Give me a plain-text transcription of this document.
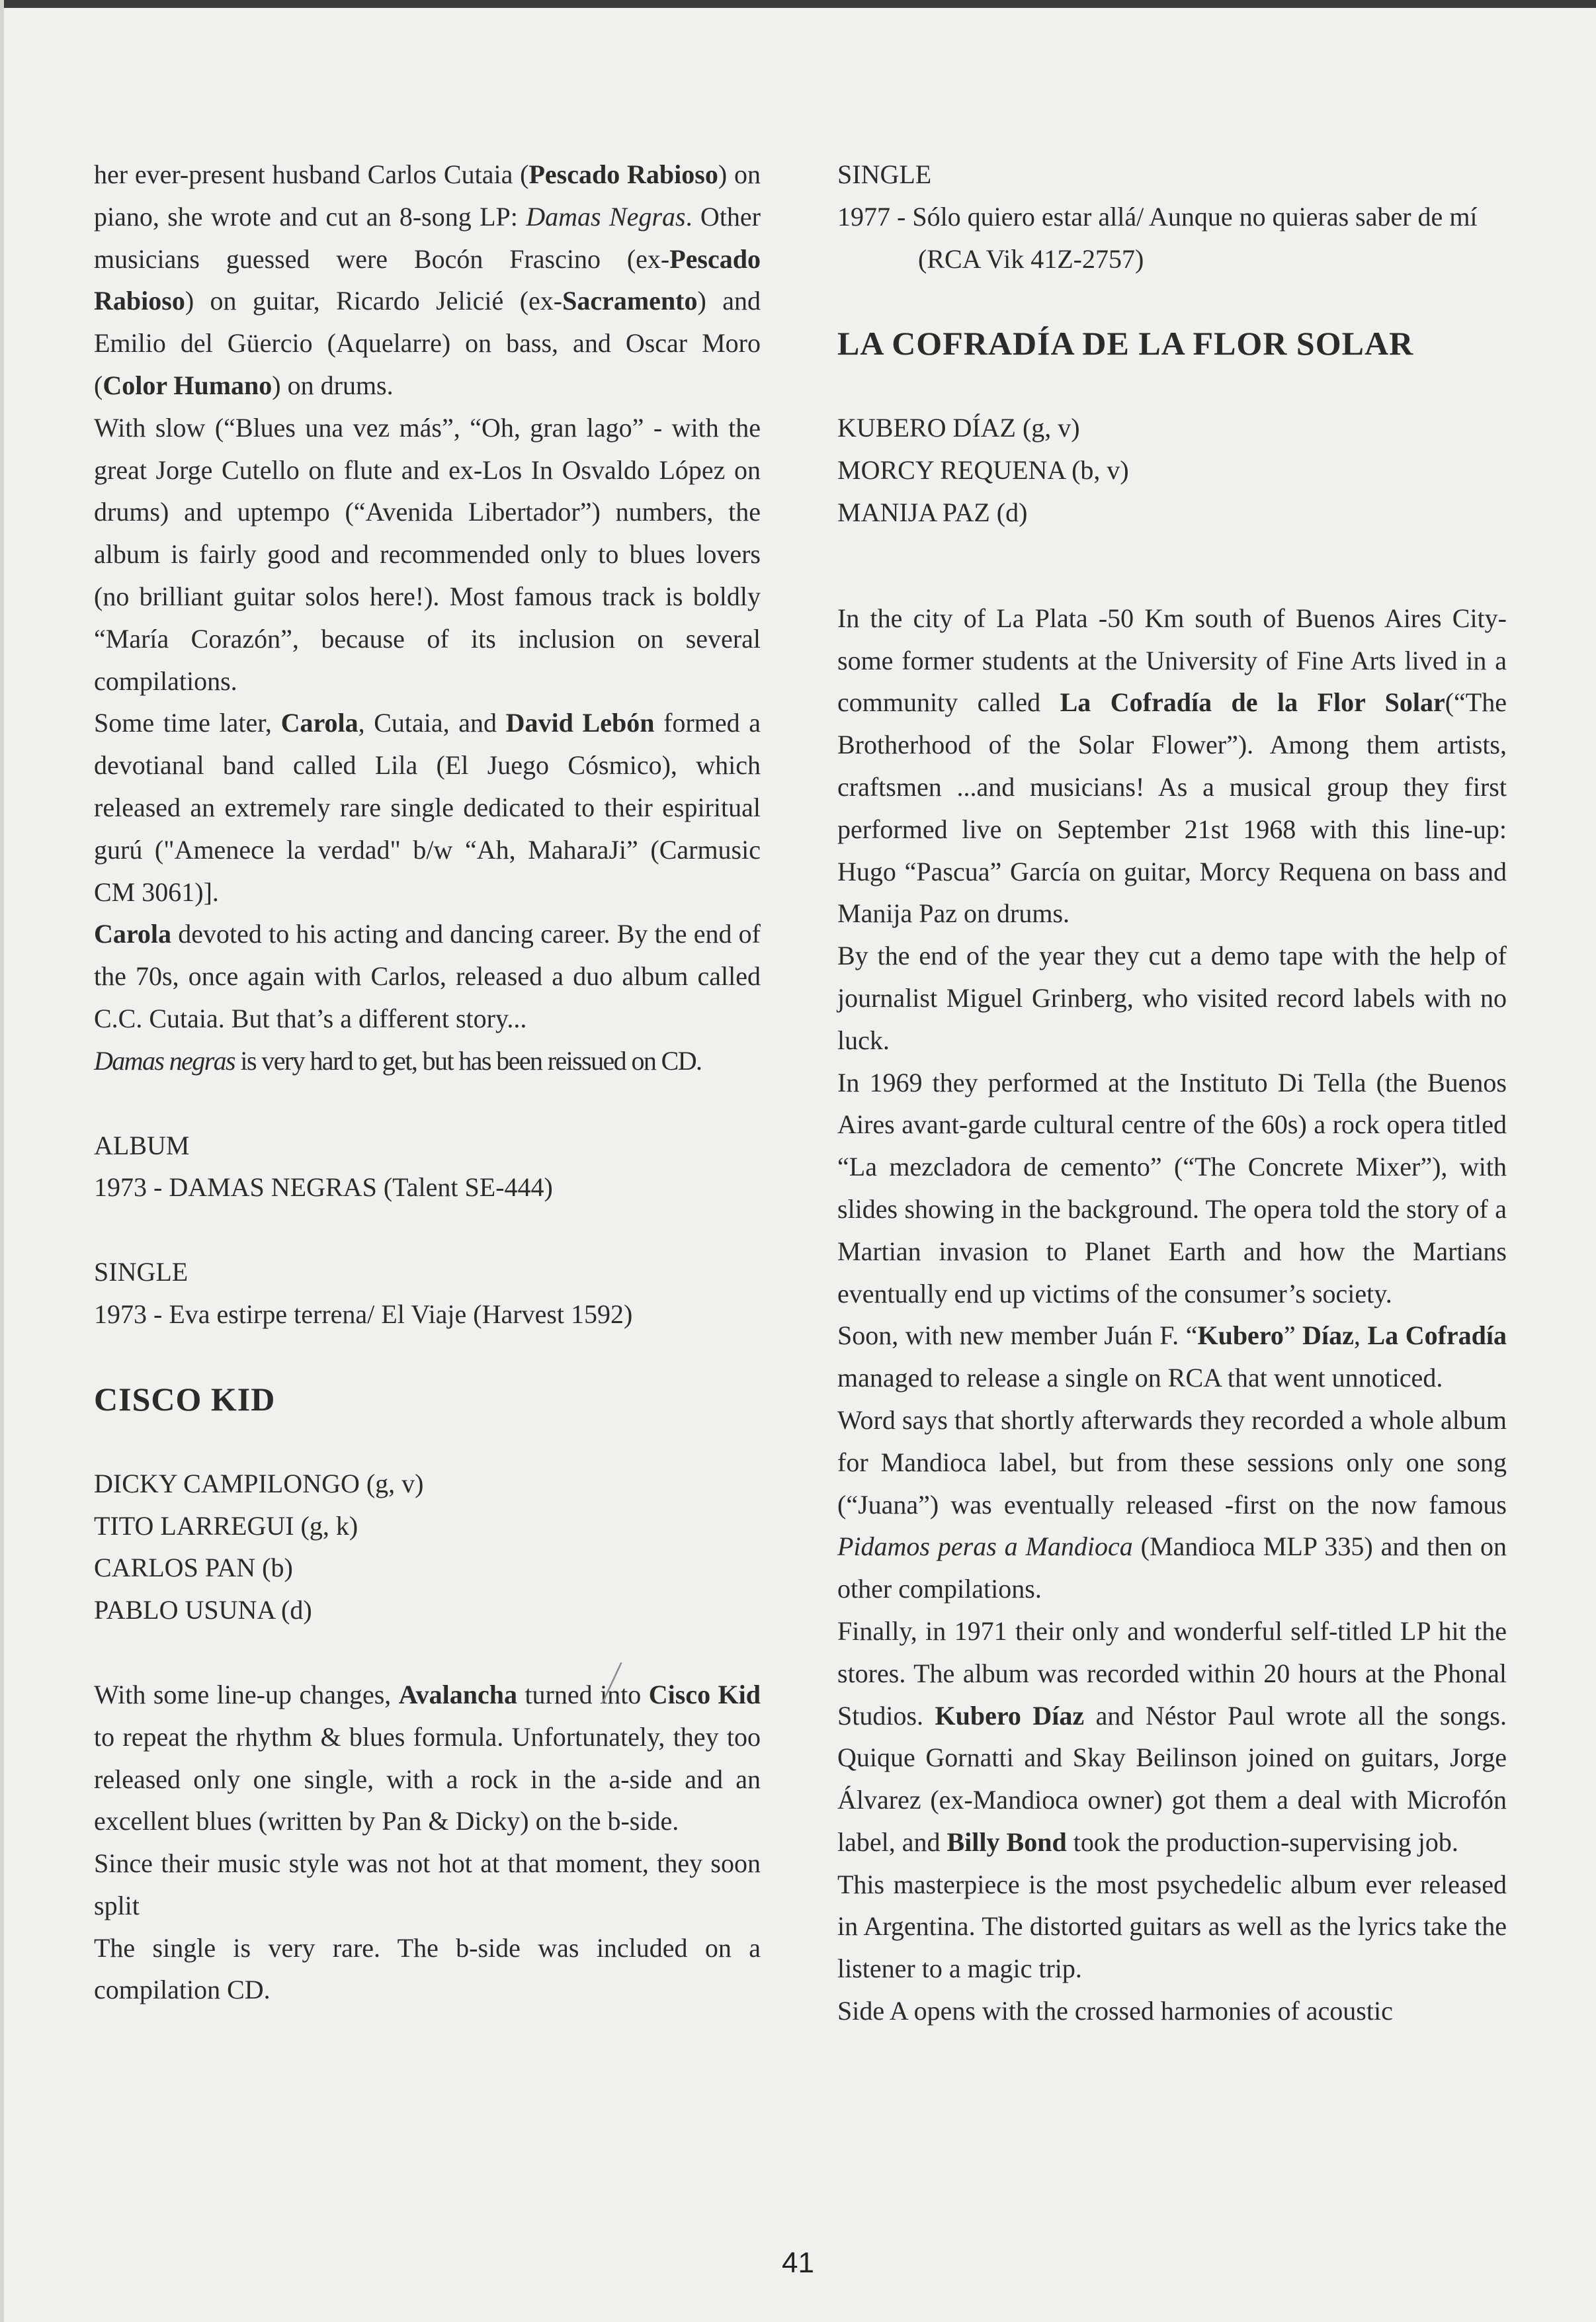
her ever-present husband Carlos Cutaia (Pescado Rabioso) on piano, she wrote and cut an 8-song LP: Damas Negras. Other musicians guessed were Bocón Frascino (ex-Pescado Rabioso) on guitar, Ricardo Jelicié (ex-Sacramento) and Emilio del Güercio (Aquelarre) on bass, and Oscar Moro (Color Humano) on drums.

With slow (“Blues una vez más”, “Oh, gran lago” - with the great Jorge Cutello on flute and ex-Los In Osvaldo López on drums) and uptempo (“Avenida Libertador”) numbers, the album is fairly good and recommended only to blues lovers (no brilliant guitar solos here!). Most famous track is boldly “María Corazón”, because of its inclusion on several compilations.

Some time later, Carola, Cutaia, and David Lebón formed a devotianal band called Lila (El Juego Cósmico), which released an extremely rare single dedicated to their espiritual gurú ("Amenece la verdad" b/w “Ah, MaharaJi” (Carmusic CM 3061)].

Carola devoted to his acting and dancing career. By the end of the 70s, once again with Carlos, released a duo album called C.C. Cutaia. But that’s a different story...

Damas negras is very hard to get, but has been reissued on CD.

ALBUM

1973 - DAMAS NEGRAS (Talent SE-444)

SINGLE

1973 - Eva estirpe terrena/ El Viaje (Harvest 1592)

CISCO KID

DICKY CAMPILONGO (g, v)

TITO LARREGUI (g, k)

CARLOS PAN (b)

PABLO USUNA (d)

With some line-up changes, Avalancha turned into Cisco Kid to repeat the rhythm & blues formula. Unfortunately, they too released only one single, with a rock in the a-side and an excellent blues (written by Pan & Dicky) on the b-side.

Since their music style was not hot at that moment, they soon split

The single is very rare. The b-side was included on a compilation CD.

SINGLE

1977 - Sólo quiero estar allá/ Aunque no quieras saber de mí (RCA Vik 41Z-2757)

LA COFRADÍA DE LA FLOR SOLAR

KUBERO DÍAZ (g, v)

MORCY REQUENA (b, v)

MANIJA PAZ (d)

In the city of La Plata -50 Km south of Buenos Aires City- some former students at the University of Fine Arts lived in a community called La Cofradía de la Flor Solar(“The Brotherhood of the Solar Flower”). Among them artists, craftsmen ...and musicians! As a musical group they first performed live on September 21st 1968 with this line-up: Hugo “Pascua” García on guitar, Morcy Requena on bass and Manija Paz on drums.

By the end of the year they cut a demo tape with the help of journalist Miguel Grinberg, who visited record labels with no luck.

In 1969 they performed at the Instituto Di Tella (the Buenos Aires avant-garde cultural centre of the 60s) a rock opera titled “La mezcladora de cemento” (“The Concrete Mixer”), with slides showing in the background. The opera told the story of a Martian invasion to Planet Earth and how the Martians eventually end up victims of the consumer’s society.

Soon, with new member Juán F. “Kubero” Díaz, La Cofradía managed to release a single on RCA that went unnoticed.

Word says that shortly afterwards they recorded a whole album for Mandioca label, but from these sessions only one song (“Juana”) was eventually released -first on the now famous Pidamos peras a Mandioca (Mandioca MLP 335) and then on other compilations.

Finally, in 1971 their only and wonderful self-titled LP hit the stores. The album was recorded within 20 hours at the Phonal Studios. Kubero Díaz and Néstor Paul wrote all the songs. Quique Gornatti and Skay Beilinson joined on guitars, Jorge Álvarez (ex-Mandioca owner) got them a deal with Microfón label, and Billy Bond took the production-supervising job.

This masterpiece is the most psychedelic album ever released in Argentina. The distorted guitars as well as the lyrics take the listener to a magic trip.

Side A opens with the crossed harmonies of acoustic

41
